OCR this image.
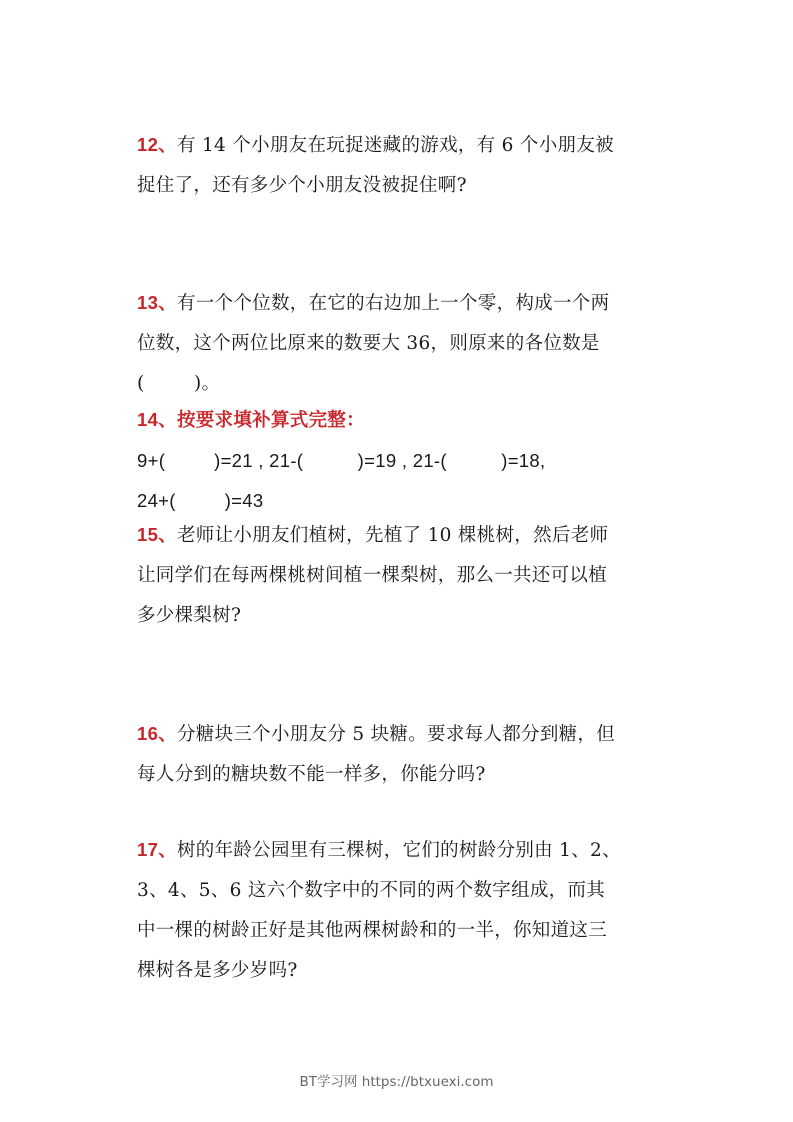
12、有 14 个小朋友在玩捉迷藏的游戏，有 6 个小朋友被
捉住了，还有多少个小朋友没被捉住啊?
13、有一个个位数，在它的右边加上一个零，构成一个两
位数，这个两位比原来的数要大 36，则原来的各位数是
(        )。
14、按要求填补算式完整：
9+(         )=21 , 21-(          )=19 , 21-(          )=18,
24+(         )=43
15、老师让小朋友们植树，先植了 10 棵桃树，然后老师
让同学们在每两棵桃树间植一棵梨树，那么一共还可以植
多少棵梨树?
16、分糖块三个小朋友分 5 块糖。要求每人都分到糖，但
每人分到的糖块数不能一样多，你能分吗?
17、树的年龄公园里有三棵树，它们的树龄分别由 1、2、
3、4、5、6 这六个数字中的不同的两个数字组成，而其
中一棵的树龄正好是其他两棵树龄和的一半，你知道这三
棵树各是多少岁吗?
BT学习网 https://btxuexi.com
